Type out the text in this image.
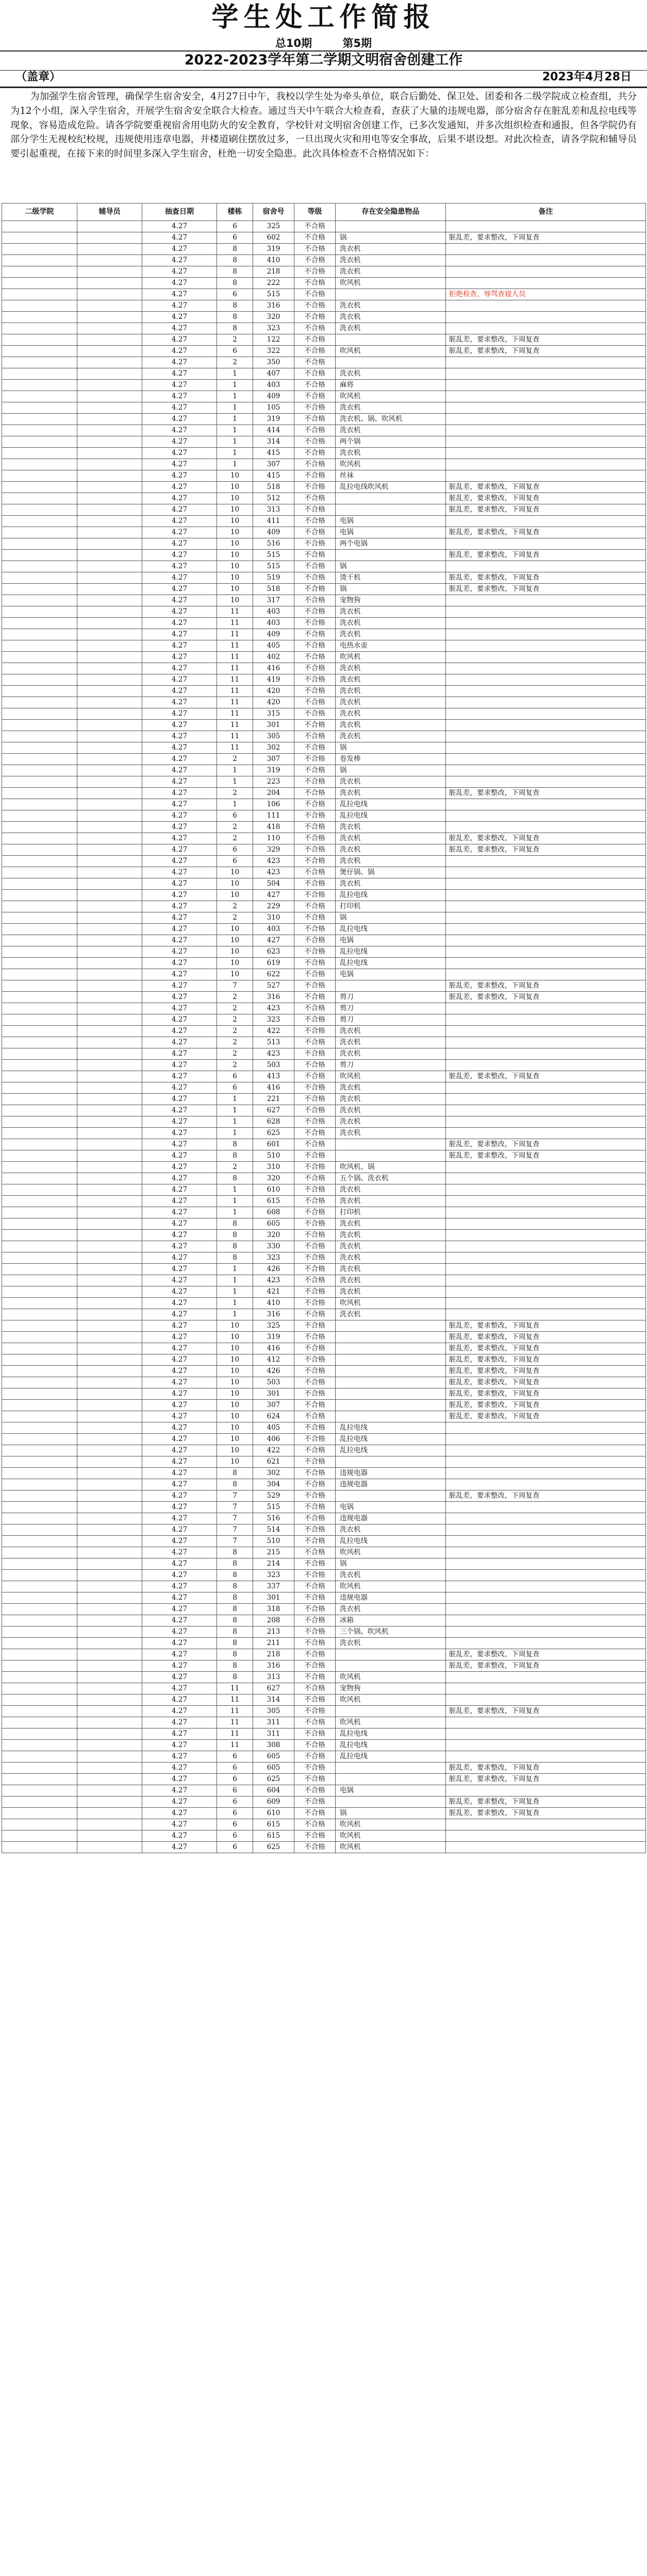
学生处工作简报
总10期	第5期
2022-2023学年第二学期文明宿舍创建工作
（盖章）	2023年4月28日
为加强学生宿舍管理，确保学生宿舍安全，4月27日中午，我校以学生处为牵头单位，联合后勤处、保卫处、团委和各二级学院成立检查组，共分为12个小组，深入学生宿舍，开展学生宿舍安全联合大检查。通过当天中午联合大检查看，查获了大量的违规电器，部分宿舍存在脏乱差和乱拉电线等现象，容易造成危险。请各学院要重视宿舍用电防火的安全教育，学校针对文明宿舍创建工作，已多次发通知，并多次组织检查和通报，但各学院仍有部分学生无视校纪校规，违规使用违章电器，并楼道刷住摆放过多，一旦出现火灾和用电等安全事故，后果不堪设想。对此次检查，请各学院和辅导员要引起重视，在接下来的时间里多深入学生宿舍，杜绝一切安全隐患。此次具体检查不合格情况如下：
二级学院	辅导员	抽查日期	楼栋	宿舍号	等级	存在安全隐患物品	备注
		4.27	6	325	不合格		
		4.27	6	602	不合格	锅	脏乱差，要求整改，下周复查
		4.27	8	319	不合格	洗衣机	
		4.27	8	410	不合格	洗衣机	
		4.27	8	218	不合格	洗衣机	
		4.27	8	222	不合格	吹风机	
		4.27	6	515	不合格		拒绝检查，辱骂查寝人员
		4.27	8	316	不合格	洗衣机	
		4.27	8	320	不合格	洗衣机	
		4.27	8	323	不合格	洗衣机	
		4.27	2	122	不合格		脏乱差，要求整改，下周复查
		4.27	6	322	不合格	吹风机	脏乱差，要求整改，下周复查
		4.27	2	350	不合格		
		4.27	1	407	不合格	洗衣机	
		4.27	1	403	不合格	麻将	
		4.27	1	409	不合格	吹风机	
		4.27	1	105	不合格	洗衣机	
		4.27	1	319	不合格	洗衣机、锅、吹风机	
		4.27	1	414	不合格	洗衣机	
		4.27	1	314	不合格	两个锅	
		4.27	1	415	不合格	洗衣机	
		4.27	1	307	不合格	吹风机	
		4.27	10	415	不合格	丝袜	
		4.27	10	518	不合格	乱拉电线吹风机	脏乱差，要求整改，下周复查
		4.27	10	512	不合格		脏乱差，要求整改，下周复查
		4.27	10	313	不合格		脏乱差，要求整改，下周复查
		4.27	10	411	不合格	电锅	
		4.27	10	409	不合格	电锅	脏乱差，要求整改，下周复查
		4.27	10	516	不合格	两个电锅	
		4.27	10	515	不合格		脏乱差，要求整改，下周复查
		4.27	10	515	不合格	锅	
		4.27	10	519	不合格	烫干机	脏乱差，要求整改，下周复查
		4.27	10	518	不合格	锅	脏乱差，要求整改，下周复查
		4.27	10	317	不合格	宠物狗	
		4.27	11	403	不合格	洗衣机	
		4.27	11	403	不合格	洗衣机	
		4.27	11	409	不合格	洗衣机	
		4.27	11	405	不合格	电热水壶	
		4.27	11	402	不合格	吹风机	
		4.27	11	416	不合格	洗衣机	
		4.27	11	419	不合格	洗衣机	
		4.27	11	420	不合格	洗衣机	
		4.27	11	420	不合格	洗衣机	
		4.27	11	315	不合格	洗衣机	
		4.27	11	301	不合格	洗衣机	
		4.27	11	305	不合格	洗衣机	
		4.27	11	302	不合格	锅	
		4.27	2	307	不合格	卷发棒	
		4.27	1	319	不合格	锅	
		4.27	1	223	不合格	洗衣机	
		4.27	2	204	不合格	洗衣机	脏乱差，要求整改，下周复查
		4.27	1	106	不合格	乱拉电线	
		4.27	6	111	不合格	乱拉电线	
		4.27	2	418	不合格	洗衣机	
		4.27	2	110	不合格	洗衣机	脏乱差，要求整改，下周复查
		4.27	6	329	不合格	洗衣机	脏乱差，要求整改，下周复查
		4.27	6	423	不合格	洗衣机	
		4.27	10	423	不合格	煲仔锅、锅	
		4.27	10	504	不合格	洗衣机	
		4.27	10	427	不合格	乱拉电线	
		4.27	2	229	不合格	打印机	
		4.27	2	310	不合格	锅	
		4.27	10	403	不合格	乱拉电线	
		4.27	10	427	不合格	电锅	
		4.27	10	623	不合格	乱拉电线	
		4.27	10	619	不合格	乱拉电线	
		4.27	10	622	不合格	电锅	
		4.27	7	527	不合格		脏乱差，要求整改，下周复查
		4.27	2	316	不合格	剪刀	脏乱差，要求整改，下周复查
		4.27	2	423	不合格	剪刀	
		4.27	2	323	不合格	剪刀	
		4.27	2	422	不合格	洗衣机	
		4.27	2	513	不合格	洗衣机	
		4.27	2	423	不合格	洗衣机	
		4.27	2	503	不合格	剪刀	
		4.27	6	413	不合格	吹风机	脏乱差，要求整改，下周复查
		4.27	6	416	不合格	洗衣机	
		4.27	1	221	不合格	洗衣机	
		4.27	1	627	不合格	洗衣机	
		4.27	1	628	不合格	洗衣机	
		4.27	1	625	不合格	洗衣机	
		4.27	8	601	不合格		脏乱差，要求整改，下周复查
		4.27	8	510	不合格		脏乱差，要求整改，下周复查
		4.27	2	310	不合格	吹风机、锅	
		4.27	8	320	不合格	五个锅、洗衣机	
		4.27	1	610	不合格	洗衣机	
		4.27	1	615	不合格	洗衣机	
		4.27	1	608	不合格	打印机	
		4.27	8	605	不合格	洗衣机	
		4.27	8	320	不合格	洗衣机	
		4.27	8	330	不合格	洗衣机	
		4.27	8	323	不合格	洗衣机	
		4.27	1	426	不合格	洗衣机	
		4.27	1	423	不合格	洗衣机	
		4.27	1	421	不合格	洗衣机	
		4.27	1	410	不合格	吹风机	
		4.27	1	316	不合格	洗衣机	
		4.27	10	325	不合格		脏乱差，要求整改，下周复查
		4.27	10	319	不合格		脏乱差，要求整改，下周复查
		4.27	10	416	不合格		脏乱差，要求整改，下周复查
		4.27	10	412	不合格		脏乱差，要求整改，下周复查
		4.27	10	426	不合格		脏乱差，要求整改，下周复查
		4.27	10	503	不合格		脏乱差，要求整改，下周复查
		4.27	10	301	不合格		脏乱差，要求整改，下周复查
		4.27	10	307	不合格		脏乱差，要求整改，下周复查
		4.27	10	624	不合格		脏乱差，要求整改，下周复查
		4.27	10	405	不合格	乱拉电线	
		4.27	10	406	不合格	乱拉电线	
		4.27	10	422	不合格	乱拉电线	
		4.27	10	621	不合格		
		4.27	8	302	不合格	违规电器	
		4.27	8	304	不合格	违规电器	
		4.27	7	529	不合格		脏乱差，要求整改，下周复查
		4.27	7	515	不合格	电锅	
		4.27	7	516	不合格	违规电器	
		4.27	7	514	不合格	洗衣机	
		4.27	7	510	不合格	乱拉电线	
		4.27	8	215	不合格	吹风机	
		4.27	8	214	不合格	锅	
		4.27	8	323	不合格	洗衣机	
		4.27	8	337	不合格	吹风机	
		4.27	8	301	不合格	违规电器	
		4.27	8	318	不合格	洗衣机	
		4.27	8	208	不合格	冰箱	
		4.27	8	213	不合格	三个锅、吹风机	
		4.27	8	211	不合格	洗衣机	
		4.27	8	218	不合格		脏乱差，要求整改，下周复查
		4.27	8	316	不合格		脏乱差，要求整改，下周复查
		4.27	8	313	不合格	吹风机	
		4.27	11	627	不合格	宠物狗	
		4.27	11	314	不合格	吹风机	
		4.27	11	305	不合格		脏乱差，要求整改，下周复查
		4.27	11	311	不合格	吹风机	
		4.27	11	311	不合格	乱拉电线	
		4.27	11	308	不合格	乱拉电线	
		4.27	6	605	不合格	乱拉电线	
		4.27	6	605	不合格		脏乱差，要求整改，下周复查
		4.27	6	625	不合格		脏乱差，要求整改，下周复查
		4.27	6	604	不合格	电锅	
		4.27	6	609	不合格		脏乱差，要求整改，下周复查
		4.27	6	610	不合格	锅	脏乱差，要求整改，下周复查
		4.27	6	615	不合格	吹风机	
		4.27	6	615	不合格	吹风机	
		4.27	6	625	不合格	吹风机	
